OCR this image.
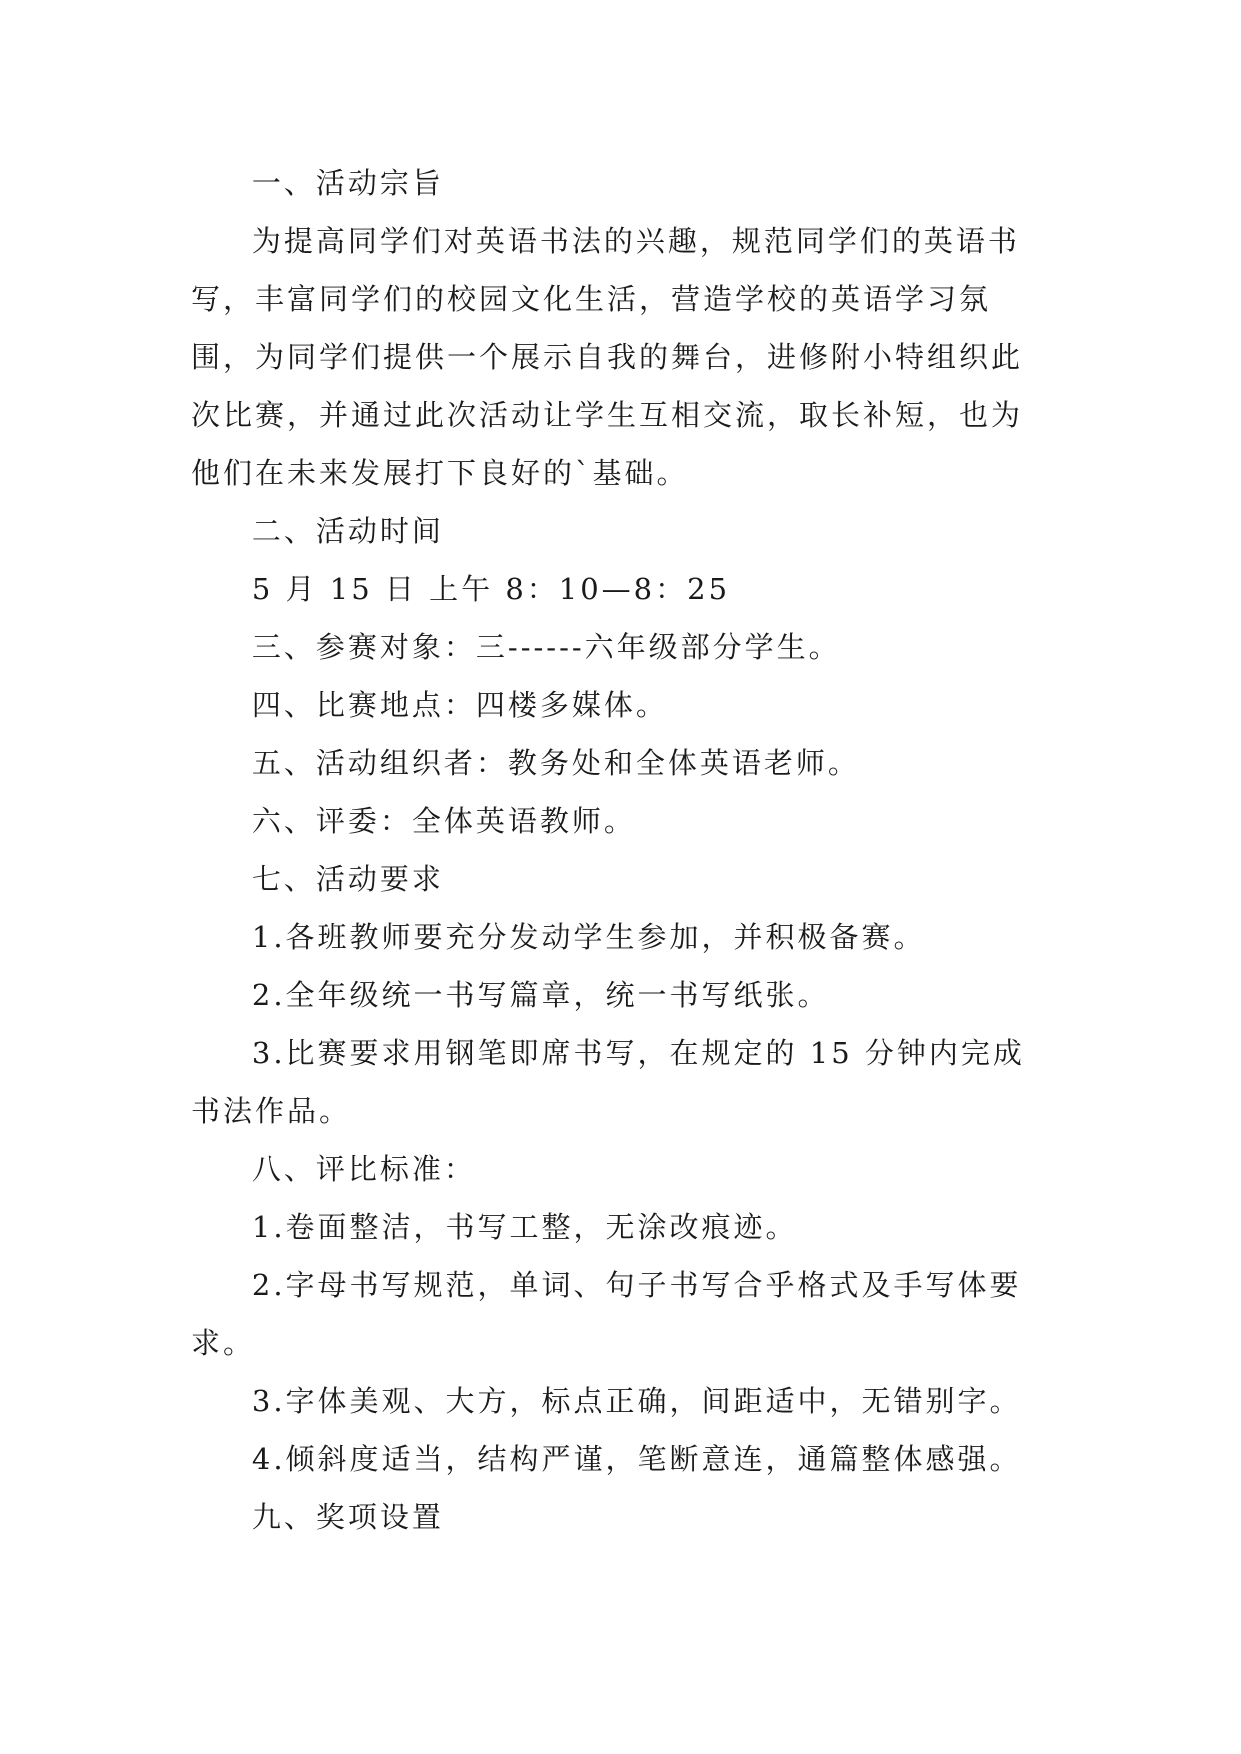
一、活动宗旨

为提高同学们对英语书法的兴趣，规范同学们的英语书写，丰富同学们的校园文化生活，营造学校的英语学习氛围，为同学们提供一个展示自我的舞台，进修附小特组织此次比赛，并通过此次活动让学生互相交流，取长补短，也为他们在未来发展打下良好的`基础。

二、活动时间

5 月 15 日 上午 8：10—8：25

三、参赛对象：三------六年级部分学生。

四、比赛地点：四楼多媒体。

五、活动组织者：教务处和全体英语老师。

六、评委：全体英语教师。

七、活动要求

1.各班教师要充分发动学生参加，并积极备赛。

2.全年级统一书写篇章，统一书写纸张。

3.比赛要求用钢笔即席书写，在规定的 15 分钟内完成书法作品。

八、评比标准：

1.卷面整洁，书写工整，无涂改痕迹。

2.字母书写规范，单词、句子书写合乎格式及手写体要求。

3.字体美观、大方，标点正确，间距适中，无错别字。

4.倾斜度适当，结构严谨，笔断意连，通篇整体感强。

九、奖项设置
